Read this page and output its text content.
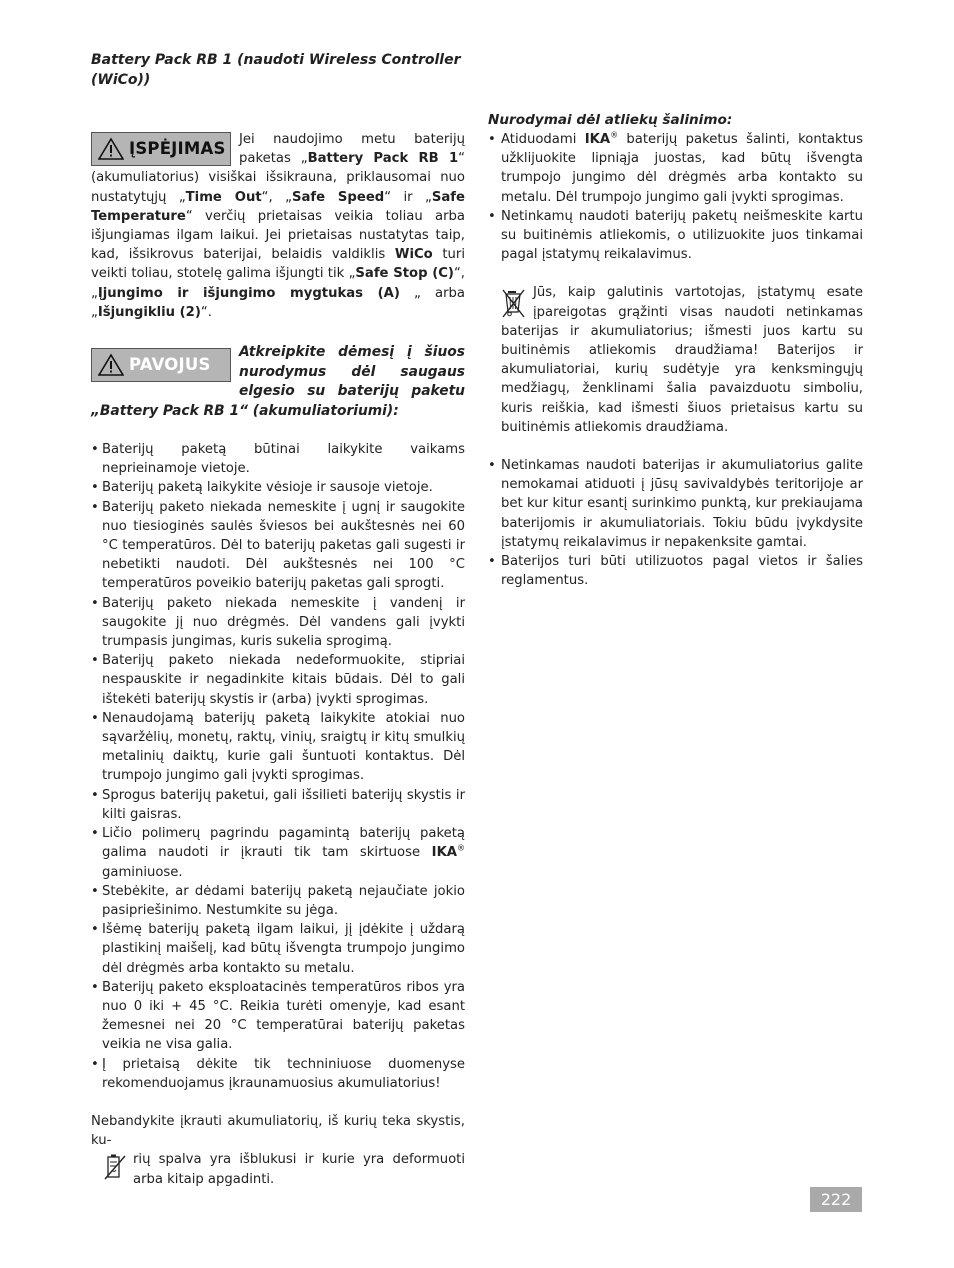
Battery Pack RB 1 (naudoti Wireless Controller (WiCo))

ĮSPĖJIMAS	Jei naudojimo metu baterijų paketas „Battery Pack RB 1“ (akumuliatorius) visiškai išsikrauna, priklausomai nuo nustatytųjų „Time Out“, „Safe Speed“ ir „Safe Temperature“ verčių prietaisas veikia toliau arba išjungiamas ilgam laikui. Jei prietaisas nustatytas taip, kad, išsikrovus baterijai, belaidis valdiklis WiCo turi veikti toliau, stotelę galima išjungti tik „Safe Stop (C)“, „Įjungimo ir išjungimo mygtukas (A) „ arba „Išjungikliu (2)“.

PAVOJUS

Atkreipkite dėmesį į šiuos nurodymus dėl saugaus elgesio su baterijų paketu „Battery Pack RB 1“ (akumuliatoriumi):

• Baterijų paketą būtinai laikykite vaikams neprieinamoje vietoje.
• Baterijų paketą laikykite vėsioje ir sausoje vietoje.
• Baterijų paketo niekada nemeskite į ugnį ir saugokite nuo tiesioginės saulės šviesos bei aukštesnės nei 60 °C temperatūros. Dėl to baterijų paketas gali sugesti ir nebetikti naudoti. Dėl aukštesnės nei 100 °C temperatūros poveikio baterijų paketas gali sprogti.
• Baterijų paketo niekada nemeskite į vandenį ir saugokite jį nuo drėgmės. Dėl vandens gali įvykti trumpasis jungimas, kuris sukelia sprogimą.
• Baterijų paketo niekada nedeformuokite, stipriai nespauskite ir negadinkite kitais būdais. Dėl to gali ištekėti baterijų skystis ir (arba) įvykti sprogimas.
• Nenaudojamą baterijų paketą laikykite atokiai nuo sąvaržėlių, monetų, raktų, vinių, sraigtų ir kitų smulkių metalinių daiktų, kurie gali šuntuoti kontaktus. Dėl trumpojo jungimo gali įvykti sprogimas.
• Sprogus baterijų paketui, gali išsilieti baterijų skystis ir kilti gaisras.
• Ličio polimerų pagrindu pagamintą baterijų paketą galima naudoti ir įkrauti tik tam skirtuose IKA® gaminiuose.
• Stebėkite, ar dėdami baterijų paketą nejaučiate jokio pasipriešinimo. Nestumkite su jėga.
• Išėmę baterijų paketą ilgam laikui, jį įdėkite į uždarą plastikinį maišelį, kad būtų išvengta trumpojo jungimo dėl drėgmės arba kontakto su metalu.
• Baterijų paketo eksploatacinės temperatūros ribos yra nuo 0 iki + 45 °C. Reikia turėti omenyje, kad esant žemesnei nei 20 °C temperatūrai baterijų paketas veikia ne visa galia.
• Į prietaisą dėkite tik techniniuose duomenyse rekomenduojamus įkraunamuosius akumuliatorius!

Nebandykite įkrauti akumuliatorių, iš kurių teka skystis, ku-

rių spalva yra išblukusi ir kurie yra deformuoti arba kitaip apgadinti.

Nurodymai dėl atliekų šalinimo:

• Atiduodami IKA® baterijų paketus šalinti, kontaktus užklijuokite lipniąja juostas, kad būtų išvengta trumpojo jungimo dėl drėgmės arba kontakto su metalu. Dėl trumpojo jungimo gali įvykti sprogimas.
• Netinkamų naudoti baterijų paketų neišmeskite kartu su buitinėmis atliekomis, o utilizuokite juos tinkamai pagal įstatymų reikalavimus.

Jūs, kaip galutinis vartotojas, įstatymų esate įpareigotas grąžinti visas naudoti netinkamas baterijas ir akumuliatorius; išmesti juos kartu su buitinėmis atliekomis draudžiama! Baterijos ir akumuliatoriai, kurių sudėtyje yra kenksmingųjų medžiagų, ženklinami šalia pavaizduotu simboliu, kuris reiškia, kad išmesti šiuos prietaisus kartu su buitinėmis atliekomis draudžiama.

• Netinkamas naudoti baterijas ir akumuliatorius galite nemokamai atiduoti į jūsų savivaldybės teritorijoje ar bet kur kitur esantį surinkimo punktą, kur prekiaujama baterijomis ir akumuliatoriais. Tokiu būdu įvykdysite įstatymų reikalavimus ir nepakenksite gamtai.
• Baterijos turi būti utilizuotos pagal vietos ir šalies reglamentus.
222
